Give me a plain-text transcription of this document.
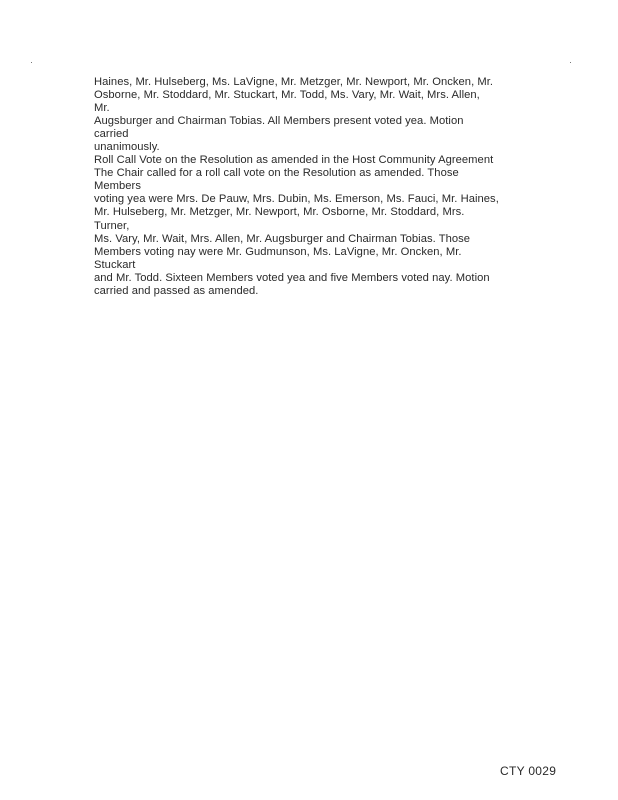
Haines, Mr. Hulseberg, Ms. LaVigne, Mr. Metzger, Mr. Newport, Mr. Oncken, Mr.
Osborne, Mr. Stoddard, Mr. Stuckart, Mr. Todd, Ms. Vary, Mr. Wait, Mrs. Allen,
Mr.
Augsburger and Chairman Tobias. All Members present voted yea. Motion
carried
unanimously.
Roll Call Vote on the Resolution as amended in the Host Community Agreement
The Chair called for a roll call vote on the Resolution as amended. Those
Members
voting yea were Mrs. De Pauw, Mrs. Dubin, Ms. Emerson, Ms. Fauci, Mr. Haines,
Mr. Hulseberg, Mr. Metzger, Mr. Newport, Mr. Osborne, Mr. Stoddard, Mrs.
Turner,
Ms. Vary, Mr. Wait, Mrs. Allen, Mr. Augsburger and Chairman Tobias. Those
Members voting nay were Mr. Gudmunson, Ms. LaVigne, Mr. Oncken, Mr.
Stuckart
and Mr. Todd. Sixteen Members voted yea and five Members voted nay. Motion
carried and passed as amended.
CTY 0029
